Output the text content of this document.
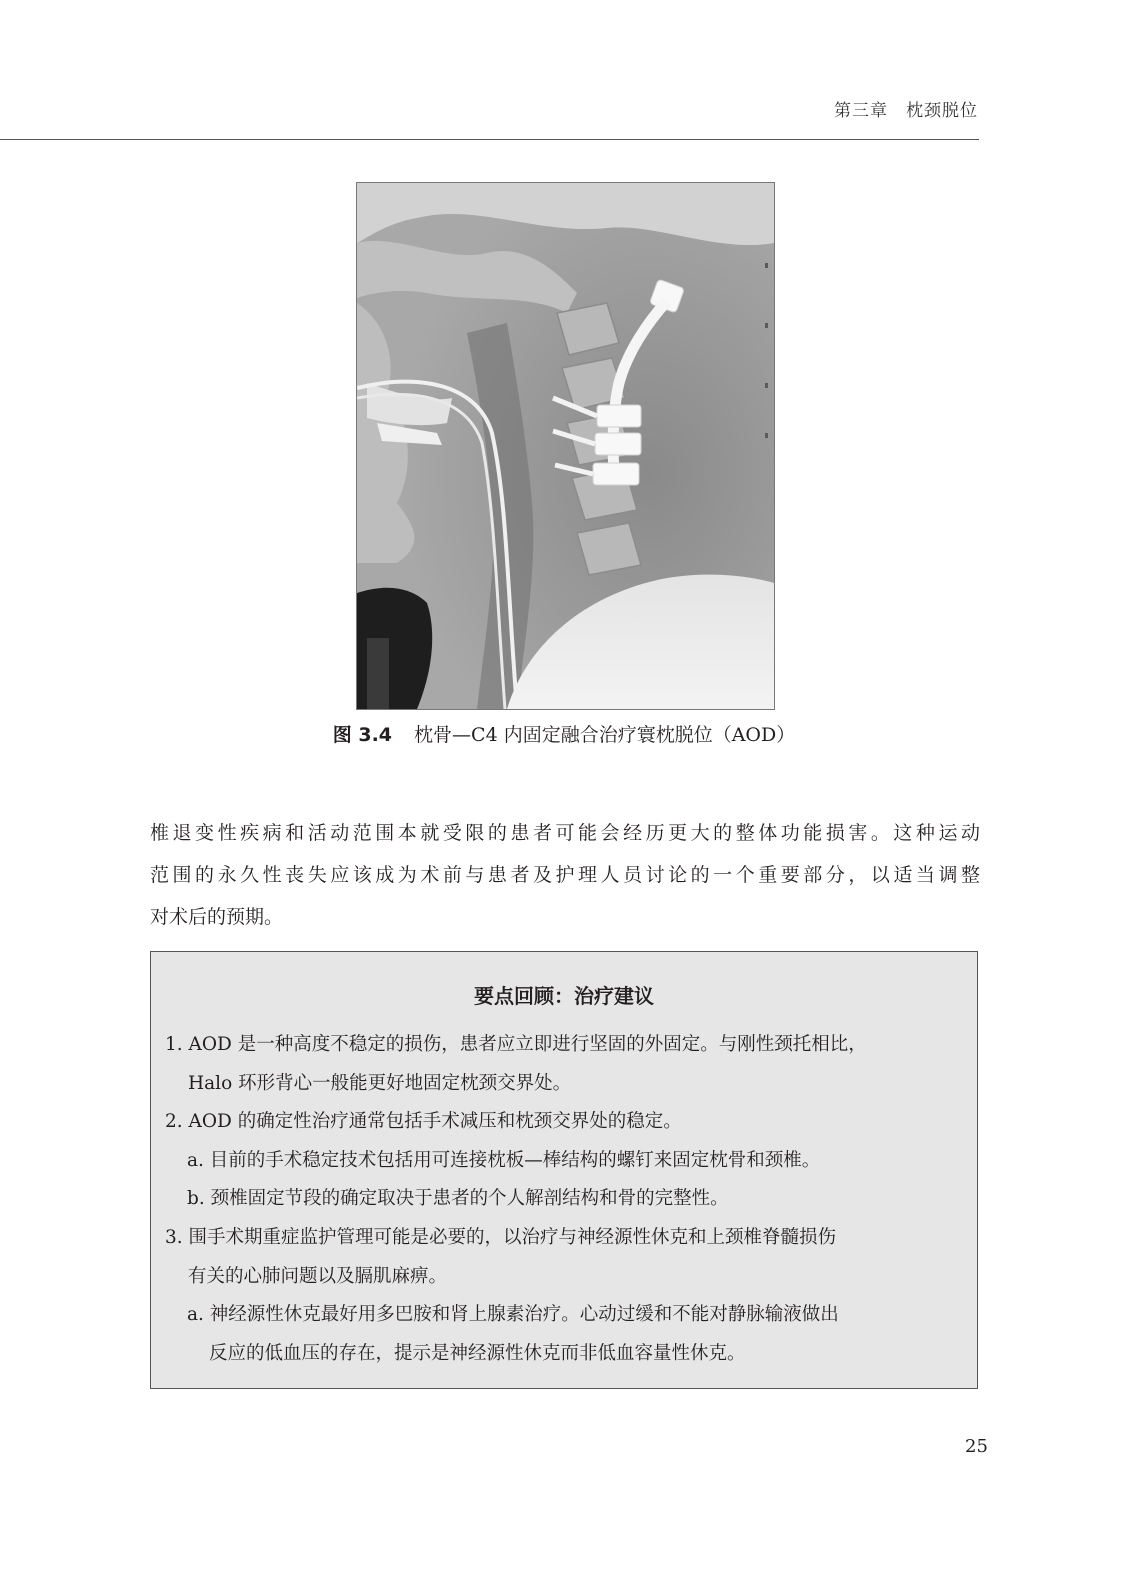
第三章 枕颈脱位
图 3.4 枕骨—C4 内固定融合治疗寰枕脱位（AOD）

椎退变性疾病和活动范围本就受限的患者可能会经历更大的整体功能损害。这种运动
范围的永久性丧失应该成为术前与患者及护理人员讨论的一个重要部分，以适当调整
对术后的预期。

要点回顾：治疗建议
1. AOD 是一种高度不稳定的损伤，患者应立即进行坚固的外固定。与刚性颈托相比，
Halo 环形背心一般能更好地固定枕颈交界处。
2. AOD 的确定性治疗通常包括手术减压和枕颈交界处的稳定。
a. 目前的手术稳定技术包括用可连接枕板—棒结构的螺钉来固定枕骨和颈椎。
b. 颈椎固定节段的确定取决于患者的个人解剖结构和骨的完整性。
3. 围手术期重症监护管理可能是必要的，以治疗与神经源性休克和上颈椎脊髓损伤
有关的心肺问题以及膈肌麻痹。
a. 神经源性休克最好用多巴胺和肾上腺素治疗。心动过缓和不能对静脉输液做出
反应的低血压的存在，提示是神经源性休克而非低血容量性休克。
25
